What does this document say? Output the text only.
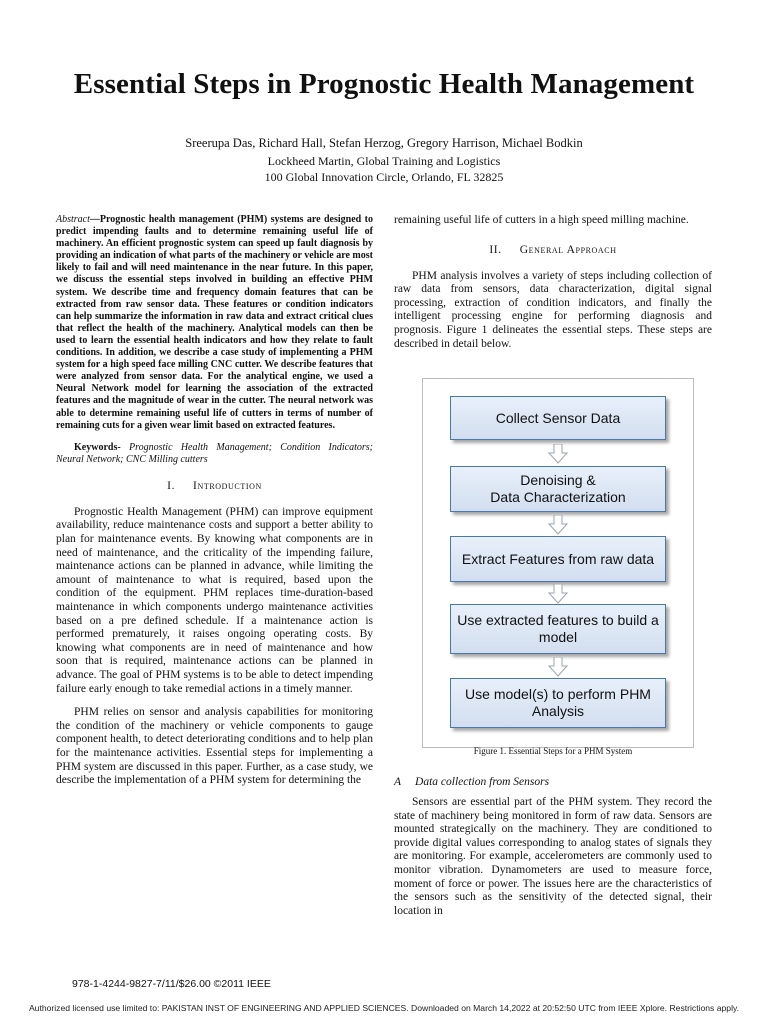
Essential Steps in Prognostic Health Management
Sreerupa Das, Richard Hall, Stefan Herzog, Gregory Harrison, Michael Bodkin
Lockheed Martin, Global Training and Logistics
100 Global Innovation Circle, Orlando, FL 32825

Abstract—Prognostic health management (PHM) systems are designed to predict impending faults and to determine remaining useful life of machinery. An efficient prognostic system can speed up fault diagnosis by providing an indication of what parts of the machinery or vehicle are most likely to fail and will need maintenance in the near future. In this paper, we discuss the essential steps involved in building an effective PHM system. We describe time and frequency domain features that can be extracted from raw sensor data. These features or condition indicators can help summarize the information in raw data and extract critical clues that reflect the health of the machinery. Analytical models can then be used to learn the essential health indicators and how they relate to fault conditions. In addition, we describe a case study of implementing a PHM system for a high speed face milling CNC cutter. We describe features that were analyzed from sensor data. For the analytical engine, we used a Neural Network model for learning the association of the extracted features and the magnitude of wear in the cutter. The neural network was able to determine remaining useful life of cutters in terms of number of remaining cuts for a given wear limit based on extracted features.

Keywords- Prognostic Health Management; Condition Indicators; Neural Network; CNC Milling cutters

I. Introduction

Prognostic Health Management (PHM) can improve equipment availability, reduce maintenance costs and support a better ability to plan for maintenance events. By knowing what components are in need of maintenance, and the criticality of the impending failure, maintenance actions can be planned in advance, while limiting the amount of maintenance to what is required, based upon the condition of the equipment. PHM replaces time-duration-based maintenance in which components undergo maintenance activities based on a pre defined schedule. If a maintenance action is performed prematurely, it raises ongoing operating costs. By knowing what components are in need of maintenance and how soon that is required, maintenance actions can be planned in advance. The goal of PHM systems is to be able to detect impending failure early enough to take remedial actions in a timely manner.

PHM relies on sensor and analysis capabilities for monitoring the condition of the machinery or vehicle components to gauge component health, to detect deteriorating conditions and to help plan for the maintenance activities. Essential steps for implementing a PHM system are discussed in this paper. Further, as a case study, we describe the implementation of a PHM system for determining the

remaining useful life of cutters in a high speed milling machine.

II. General Approach

PHM analysis involves a variety of steps including collection of raw data from sensors, data characterization, digital signal processing, extraction of condition indicators, and finally the intelligent processing engine for performing diagnosis and prognosis. Figure 1 delineates the essential steps. These steps are described in detail below.

Collect Sensor Data
Denoising &
Data Characterization
Extract Features from raw data
Use extracted features to build a model
Use model(s) to perform PHM Analysis
Figure 1. Essential Steps for a PHM System
A Data collection from Sensors

Sensors are essential part of the PHM system. They record the state of machinery being monitored in form of raw data. Sensors are mounted strategically on the machinery. They are conditioned to provide digital values corresponding to analog states of signals they are monitoring. For example, accelerometers are commonly used to monitor vibration. Dynamometers are used to measure force, moment of force or power. The issues here are the characteristics of the sensors such as the sensitivity of the detected signal, their location in

978-1-4244-9827-7/11/$26.00 ©2011 IEEE
Authorized licensed use limited to: PAKISTAN INST OF ENGINEERING AND APPLIED SCIENCES. Downloaded on March 14,2022 at 20:52:50 UTC from IEEE Xplore. Restrictions apply.
